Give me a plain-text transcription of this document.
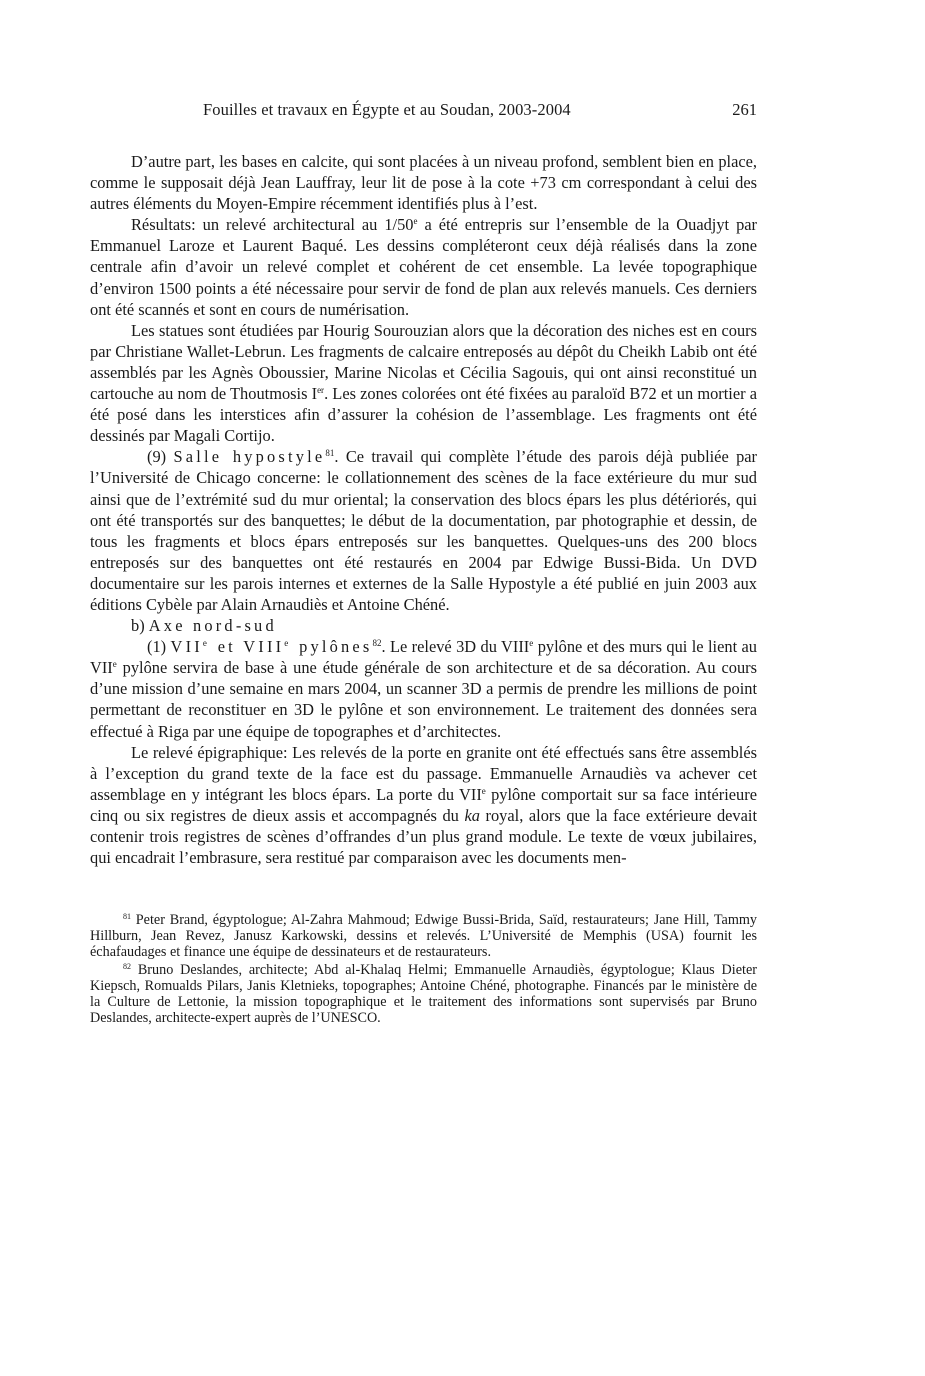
Fouilles et travaux en Égypte et au Soudan, 2003-2004	261

D’autre part, les bases en calcite, qui sont placées à un niveau profond, semblent bien en place, comme le supposait déjà Jean Lauffray, leur lit de pose à la cote +73 cm correspondant à celui des autres éléments du Moyen-Empire récemment identifiés plus à l’est.

Résultats: un relevé architectural au 1/50e a été entrepris sur l’ensemble de la Ouadjyt par Emmanuel Laroze et Laurent Baqué. Les dessins compléteront ceux déjà réalisés dans la zone centrale afin d’avoir un relevé complet et cohérent de cet ensemble. La levée topographique d’environ 1500 points a été nécessaire pour servir de fond de plan aux relevés manuels. Ces derniers ont été scannés et sont en cours de numérisation.

Les statues sont étudiées par Hourig Sourouzian alors que la décoration des niches est en cours par Christiane Wallet-Lebrun. Les fragments de calcaire entreposés au dépôt du Cheikh Labib ont été assemblés par les Agnès Oboussier, Marine Nicolas et Cécilia Sagouis, qui ont ainsi reconstitué un cartouche au nom de Thoutmosis Ier. Les zones colorées ont été fixées au paraloïd B72 et un mortier a été posé dans les interstices afin d’assurer la cohésion de l’assemblage. Les fragments ont été dessinés par Magali Cortijo.

(9) Salle hypostyle$^{81}$. Ce travail qui complète l’étude des parois déjà publiée par l’Université de Chicago concerne: le collationnement des scènes de la face extérieure du mur sud ainsi que de l’extrémité sud du mur oriental; la conservation des blocs épars les plus détériorés, qui ont été transportés sur des banquettes; le début de la documentation, par photographie et dessin, de tous les fragments et blocs épars entreposés sur les banquettes. Quelques-uns des 200 blocs entreposés sur des banquettes ont été restaurés en 2004 par Edwige Bussi-Bida. Un DVD documentaire sur les parois internes et externes de la Salle Hypostyle a été publié en juin 2003 aux éditions Cybèle par Alain Arnaudiès et Antoine Chéné.

b) Axe nord-sud

(1) VIIe et VIIIe pylônes$^{82}$. Le relevé 3D du VIIIe pylône et des murs qui le lient au VIIe pylône servira de base à une étude générale de son architecture et de sa décoration. Au cours d’une mission d’une semaine en mars 2004, un scanner 3D a permis de prendre les millions de point permettant de reconstituer en 3D le pylône et son environnement. Le traitement des données sera effectué à Riga par une équipe de topographes et d’architectes.

Le relevé épigraphique: Les relevés de la porte en granite ont été effectués sans être assemblés à l’exception du grand texte de la face est du passage. Emmanuelle Arnaudiès va achever cet assemblage en y intégrant les blocs épars. La porte du VIIe pylône comportait sur sa face intérieure cinq ou six registres de dieux assis et accompagnés du ka royal, alors que la face extérieure devait contenir trois registres de scènes d’offrandes d’un plus grand module. Le texte de vœux jubilaires, qui encadrait l’embrasure, sera restitué par comparaison avec les documents men-

$^{81}$ Peter Brand, égyptologue; Al-Zahra Mahmoud; Edwige Bussi-Brida, Saïd, restaurateurs; Jane Hill, Tammy Hillburn, Jean Revez, Janusz Karkowski, dessins et relevés. L’Université de Memphis (USA) fournit les échafaudages et finance une équipe de dessinateurs et de restaurateurs.

$^{82}$ Bruno Deslandes, architecte; Abd al-Khalaq Helmi; Emmanuelle Arnaudiès, égyptologue; Klaus Dieter Kiepsch, Romualds Pilars, Janis Kletnieks, topographes; Antoine Chéné, photographe. Financés par le ministère de la Culture de Lettonie, la mission topographique et le traitement des informations sont supervisés par Bruno Deslandes, architecte-expert auprès de l’UNESCO.
